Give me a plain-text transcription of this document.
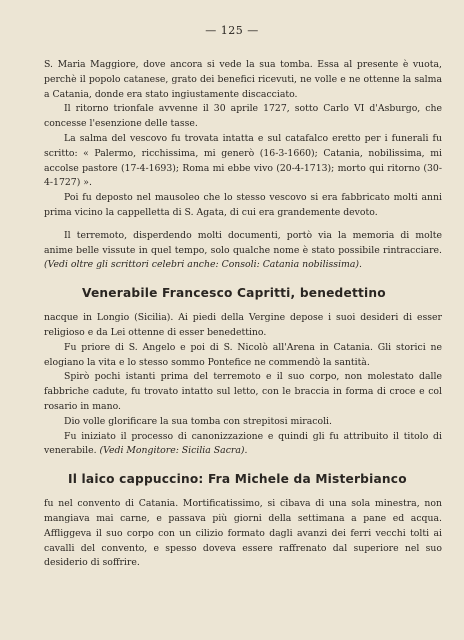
— 125 —

S. Maria Maggiore, dove ancora si vede la sua tomba. Essa al presente è vuota, perchè il popolo catanese, grato dei benefici ricevuti, ne volle e ne ottenne la salma a Catania, donde era stato ingiustamente discacciato.

Il ritorno trionfale avvenne il 30 aprile 1727, sotto Carlo VI d'Asburgo, che concesse l'esenzione delle tasse.

La salma del vescovo fu trovata intatta e sul catafalco eretto per i funerali fu scritto: « Palermo, ricchissima, mi generò (16-3-1660); Catania, nobilissima, mi accolse pastore (17-4-1693); Roma mi ebbe vivo (20-4-1713); morto qui ritorno (30-4-1727) ».

Poi fu deposto nel mausoleo che lo stesso vescovo si era fabbricato molti anni prima vicino la cappelletta di S. Agata, di cui era grandemente devoto.

Il terremoto, disperdendo molti documenti, portò via la memoria di molte anime belle vissute in quel tempo, solo qualche nome è stato possibile rintracciare. (Vedi oltre gli scrittori celebri anche: Consoli: Catania nobilissima).

Venerabile Francesco Capritti, benedettino

nacque in Longio (Sicilia). Ai piedi della Vergine depose i suoi desideri di esser religioso e da Lei ottenne di esser benedettino.

Fu priore di S. Angelo e poi di S. Nicolò all'Arena in Catania. Gli storici ne elogiano la vita e lo stesso sommo Pontefice ne commendò la santità.

Spirò pochi istanti prima del terremoto e il suo corpo, non molestato dalle fabbriche cadute, fu trovato intatto sul letto, con le braccia in forma di croce e col rosario in mano.

Dio volle glorificare la sua tomba con strepitosi miracoli.

Fu iniziato il processo di canonizzazione e quindi gli fu attribuito il titolo di venerabile. (Vedi Mongitore: Sicilia Sacra).

Il laico cappuccino: Fra Michele da Misterbianco

fu nel convento di Catania. Mortificatissimo, si cibava di una sola minestra, non mangiava mai carne, e passava più giorni della settimana a pane ed acqua. Affliggeva il suo corpo con un cilizio formato dagli avanzi dei ferri vecchi tolti ai cavalli del convento, e spesso doveva essere raffrenato dal superiore nel suo desiderio di soffrire.
